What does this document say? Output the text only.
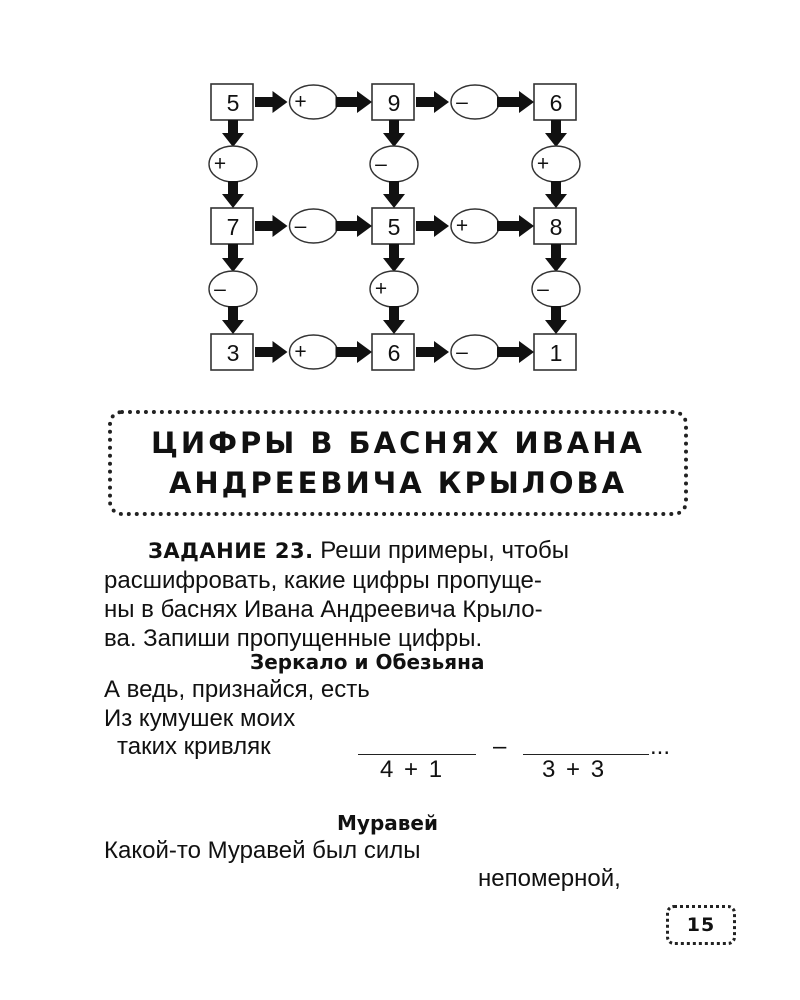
5	9	6
7	5	8
3	6	1
+	–
–	+
+	–
+	–	+
–	+	–
ЦИФРЫ В БАСНЯХ ИВАНА
АНДРЕЕВИЧА КРЫЛОВА
ЗАДАНИЕ 23. Реши примеры, чтобы
расшифровать, какие цифры пропуще-
ны в баснях Ивана Андреевича Крыло-
ва. Запиши пропущенные цифры.
Зеркало и Обезьяна
А ведь, признайся, есть
Из кумушек моих
таких кривляк	–	...
4 + 1	3 + 3
Муравей
Какой-то Муравей был силы
непомерной,
15
